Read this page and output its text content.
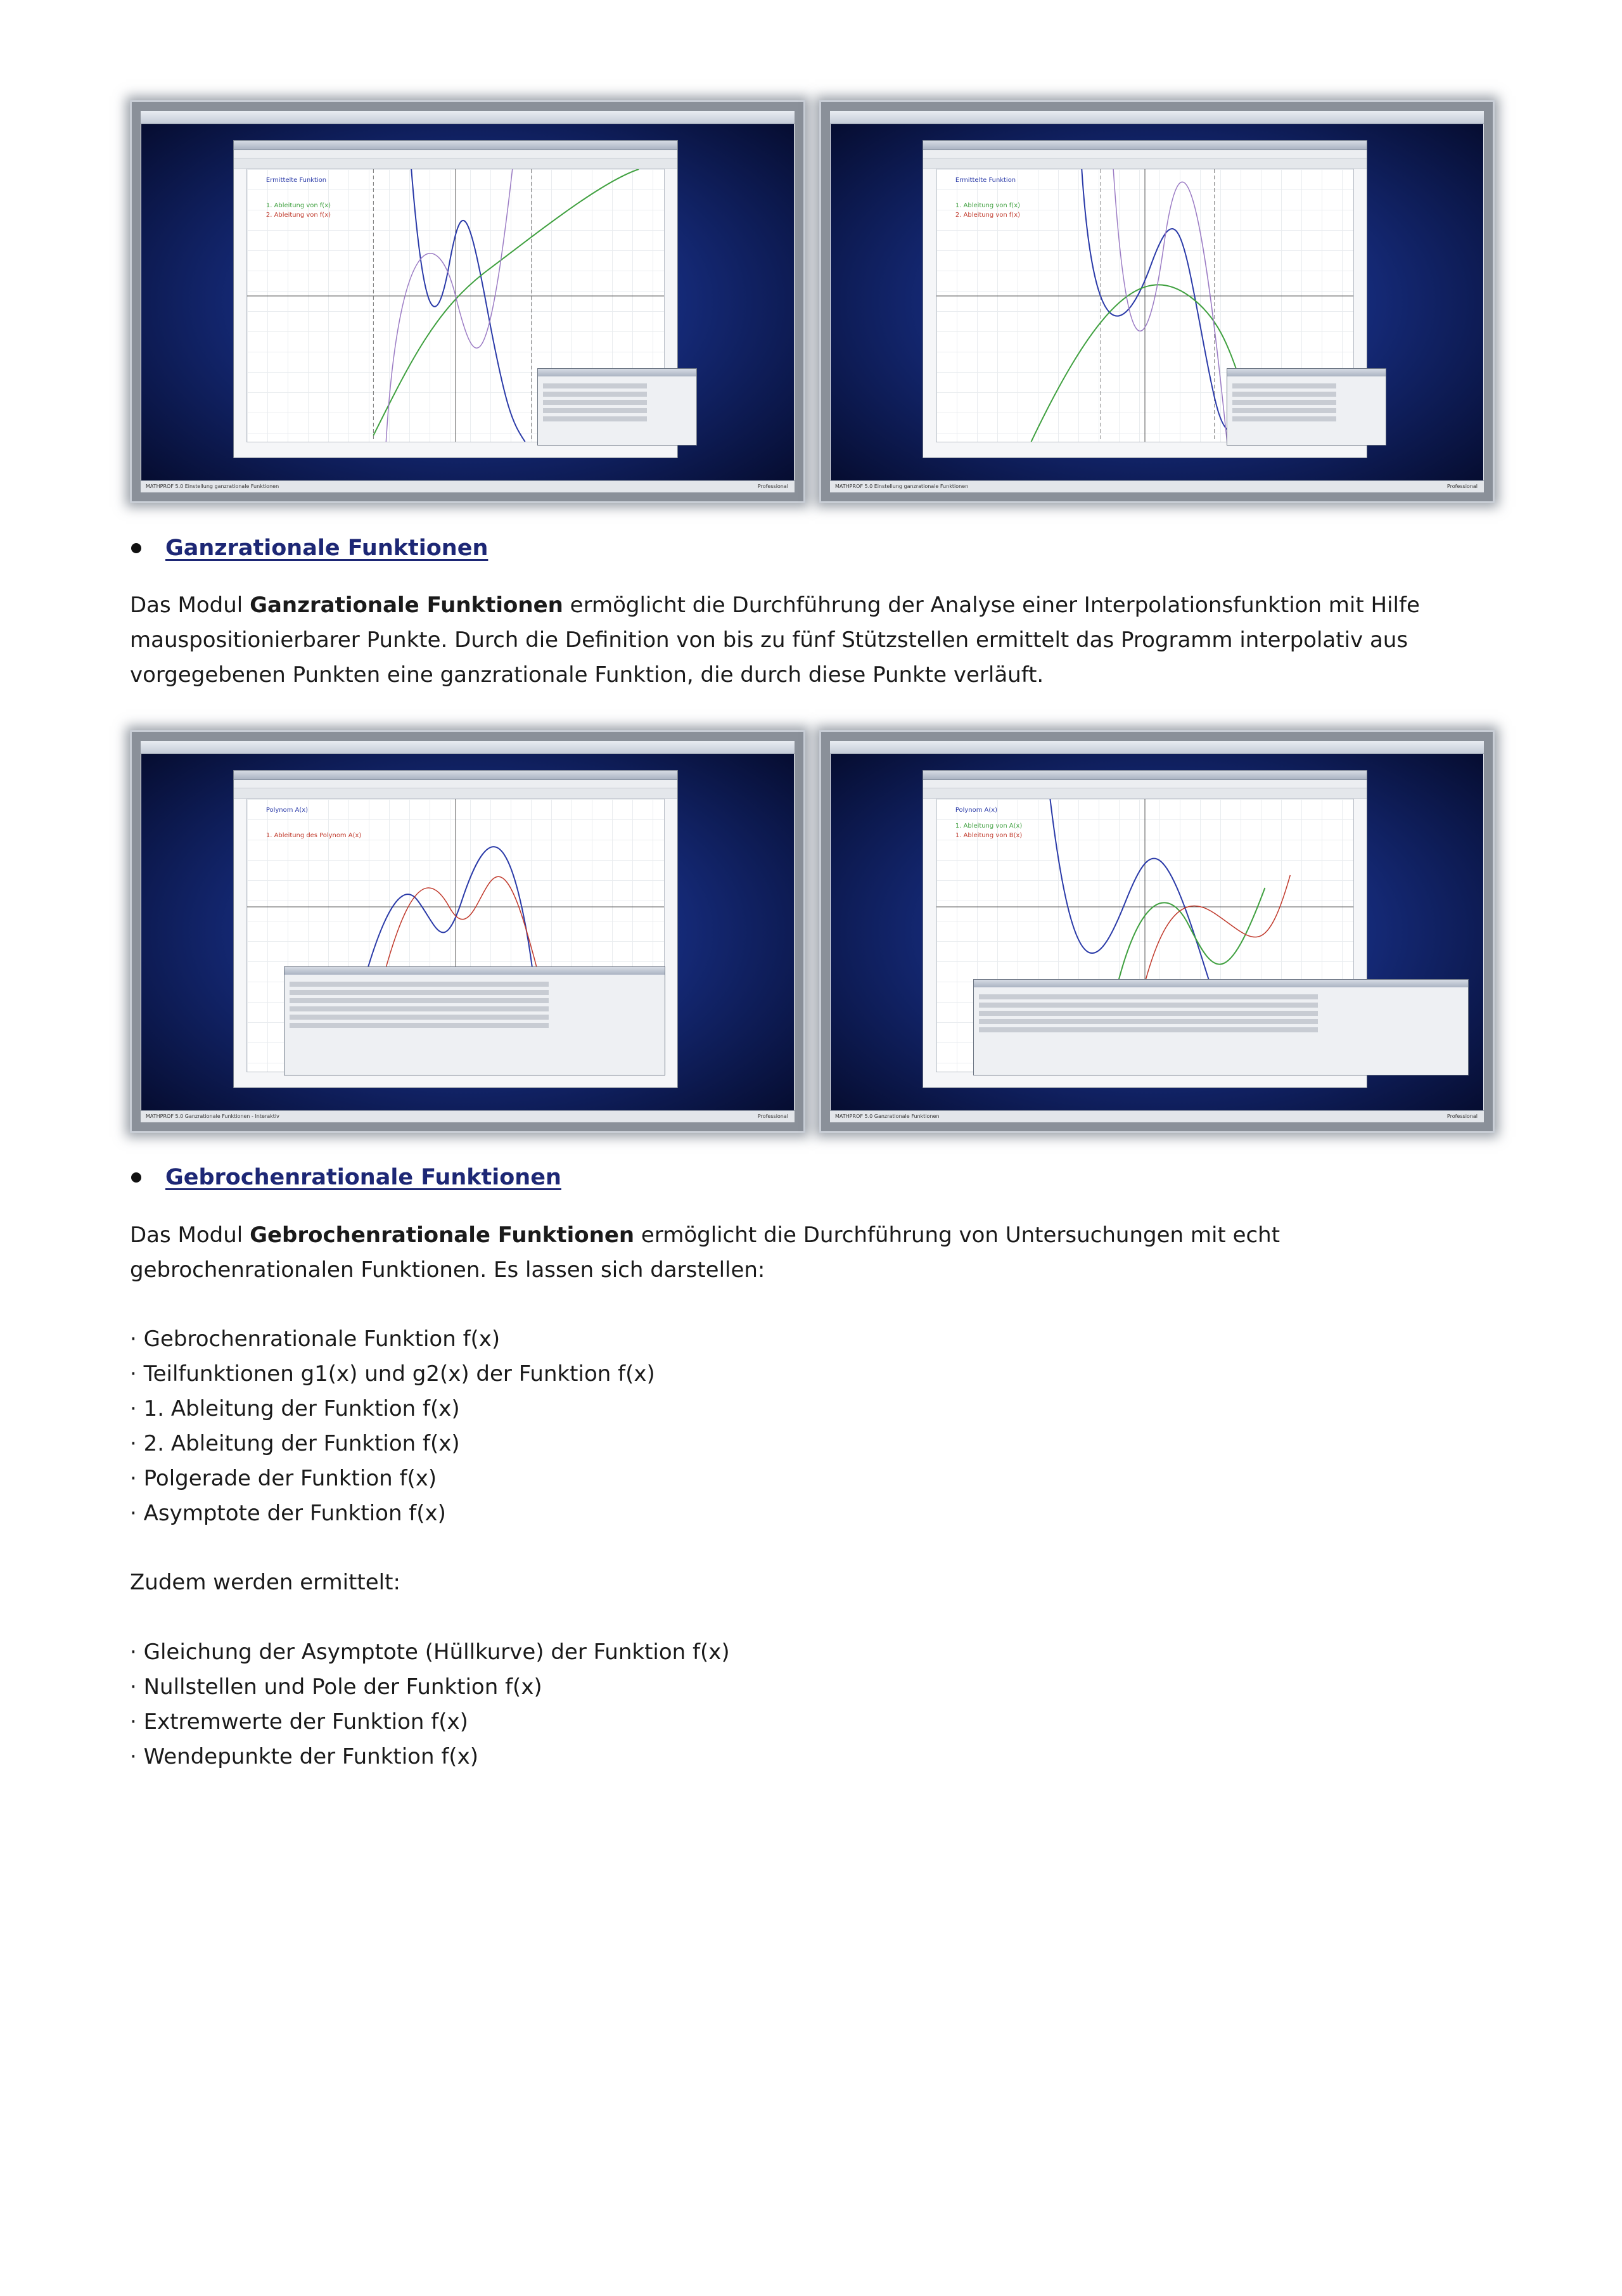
Ermittelte Funktion
1. Ableitung von f(x)
2. Ableitung von f(x)
MATHPROF 5.0 Einstellung ganzrationale Funktionen	Professional
Ermittelte Funktion
1. Ableitung von f(x)
2. Ableitung von f(x)
MATHPROF 5.0 Einstellung ganzrationale Funktionen	Professional
Ganzrationale Funktionen

Das Modul Ganzrationale Funktionen ermöglicht die Durchführung der Analyse einer Interpolationsfunktion mit Hilfe
mauspositionierbarer Punkte. Durch die Definition von bis zu fünf Stützstellen ermittelt das Programm interpolativ aus
vorgegebenen Punkten eine ganzrationale Funktion, die durch diese Punkte verläuft.

Polynom A(x)
1. Ableitung des Polynom A(x)
MATHPROF 5.0 Ganzrationale Funktionen - Interaktiv	Professional
Polynom A(x)
1. Ableitung von A(x)
1. Ableitung von B(x)
MATHPROF 5.0 Ganzrationale Funktionen	Professional
Gebrochenrationale Funktionen

Das Modul Gebrochenrationale Funktionen ermöglicht die Durchführung von Untersuchungen mit echt
gebrochenrationalen Funktionen. Es lassen sich darstellen:

· Gebrochenrationale Funktion f(x)
· Teilfunktionen g1(x) und g2(x) der Funktion f(x)
· 1. Ableitung der Funktion f(x)
· 2. Ableitung der Funktion f(x)
· Polgerade der Funktion f(x)
· Asymptote der Funktion f(x)

Zudem werden ermittelt:

· Gleichung der Asymptote (Hüllkurve) der Funktion f(x)
· Nullstellen und Pole der Funktion f(x)
· Extremwerte der Funktion f(x)
· Wendepunkte der Funktion f(x)
